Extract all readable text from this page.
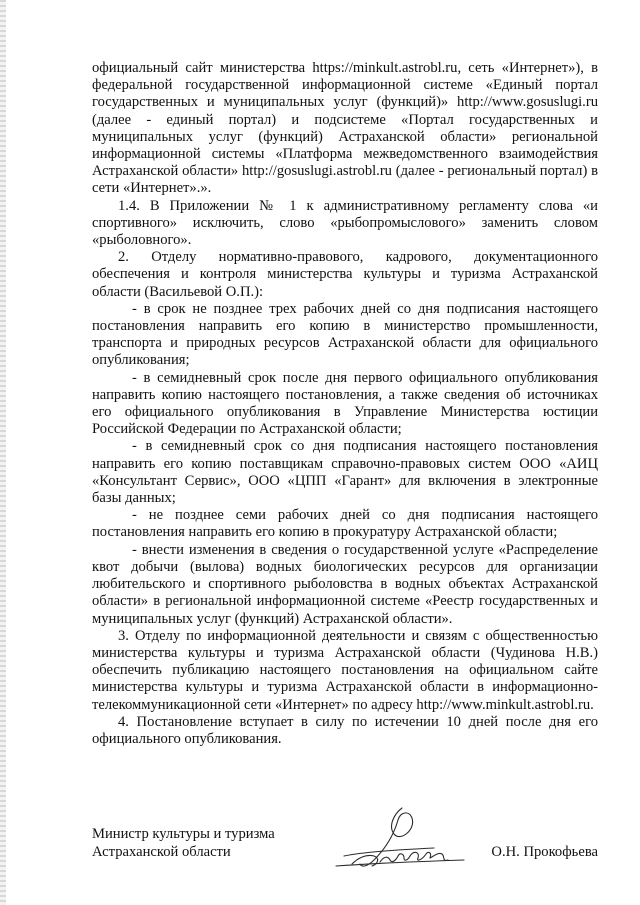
официальный сайт министерства https://minkult.astrobl.ru, сеть «Интернет»), в федеральной государственной информационной системе «Единый портал государственных и муниципальных услуг (функций)» http://www.gosuslugi.ru (далее - единый портал) и подсистеме «Портал государственных и муниципальных услуг (функций) Астраханской области» региональной информационной системы «Платформа межведомственного взаимодействия Астраханской области» http://gosuslugi.astrobl.ru (далее - региональный портал) в сети «Интернет».».

1.4. В Приложении № 1 к административному регламенту слова «и спортивного» исключить, слово «рыбопромыслового» заменить словом «рыболовного».

2. Отделу нормативно-правового, кадрового, документационного обеспечения и контроля министерства культуры и туризма Астраханской области (Васильевой О.П.):

- в срок не позднее трех рабочих дней со дня подписания настоящего постановления направить его копию в министерство промышленности, транспорта и природных ресурсов Астраханской области для официального опубликования;

- в семидневный срок после дня первого официального опубликования направить копию настоящего постановления, а также сведения об источниках его официального опубликования в Управление Министерства юстиции Российской Федерации по Астраханской области;

- в семидневный срок со дня подписания настоящего постановления направить его копию поставщикам справочно-правовых систем ООО «АИЦ «Консультант Сервис», ООО «ЦПП «Гарант» для включения в электронные базы данных;

- не позднее семи рабочих дней со дня подписания настоящего постановления направить его копию в прокуратуру Астраханской области;

- внести изменения в сведения о государственной услуге «Распределение квот добычи (вылова) водных биологических ресурсов для организации любительского и спортивного рыболовства в водных объектах Астраханской области» в региональной информационной системе «Реестр государственных и муниципальных услуг (функций) Астраханской области».

3. Отделу по информационной деятельности и связям с общественностью министерства культуры и туризма Астраханской области (Чудинова Н.В.) обеспечить публикацию настоящего постановления на официальном сайте министерства культуры и туризма Астраханской области в информационно-телекоммуникационной сети «Интернет» по адресу http://www.minkult.astrobl.ru.

4. Постановление вступает в силу по истечении 10 дней после дня его официального опубликования.

Министр культуры и туризма
Астраханской области	О.Н. Прокофьева
